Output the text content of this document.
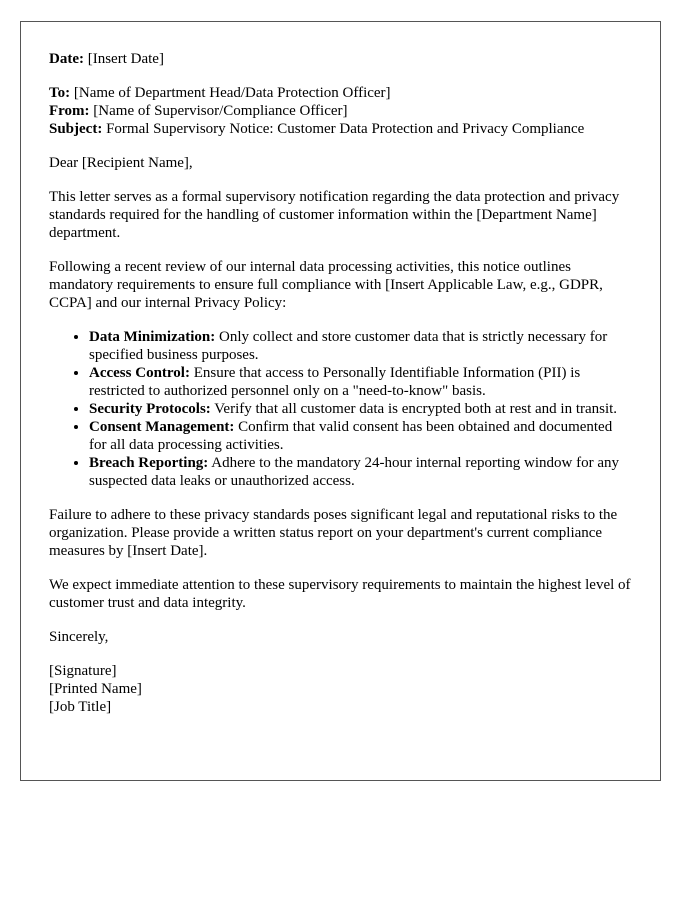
Date: [Insert Date]

To: [Name of Department Head/Data Protection Officer]
From: [Name of Supervisor/Compliance Officer]
Subject: Formal Supervisory Notice: Customer Data Protection and Privacy Compliance

Dear [Recipient Name],

This letter serves as a formal supervisory notification regarding the data protection and privacy standards required for the handling of customer information within the [Department Name] department.

Following a recent review of our internal data processing activities, this notice outlines mandatory requirements to ensure full compliance with [Insert Applicable Law, e.g., GDPR, CCPA] and our internal Privacy Policy:

• Data Minimization: Only collect and store customer data that is strictly necessary for specified business purposes.
• Access Control: Ensure that access to Personally Identifiable Information (PII) is restricted to authorized personnel only on a "need-to-know" basis.
• Security Protocols: Verify that all customer data is encrypted both at rest and in transit.
• Consent Management: Confirm that valid consent has been obtained and documented for all data processing activities.
• Breach Reporting: Adhere to the mandatory 24-hour internal reporting window for any suspected data leaks or unauthorized access.

Failure to adhere to these privacy standards poses significant legal and reputational risks to the organization. Please provide a written status report on your department's current compliance measures by [Insert Date].

We expect immediate attention to these supervisory requirements to maintain the highest level of customer trust and data integrity.

Sincerely,

[Signature]
[Printed Name]
[Job Title]
